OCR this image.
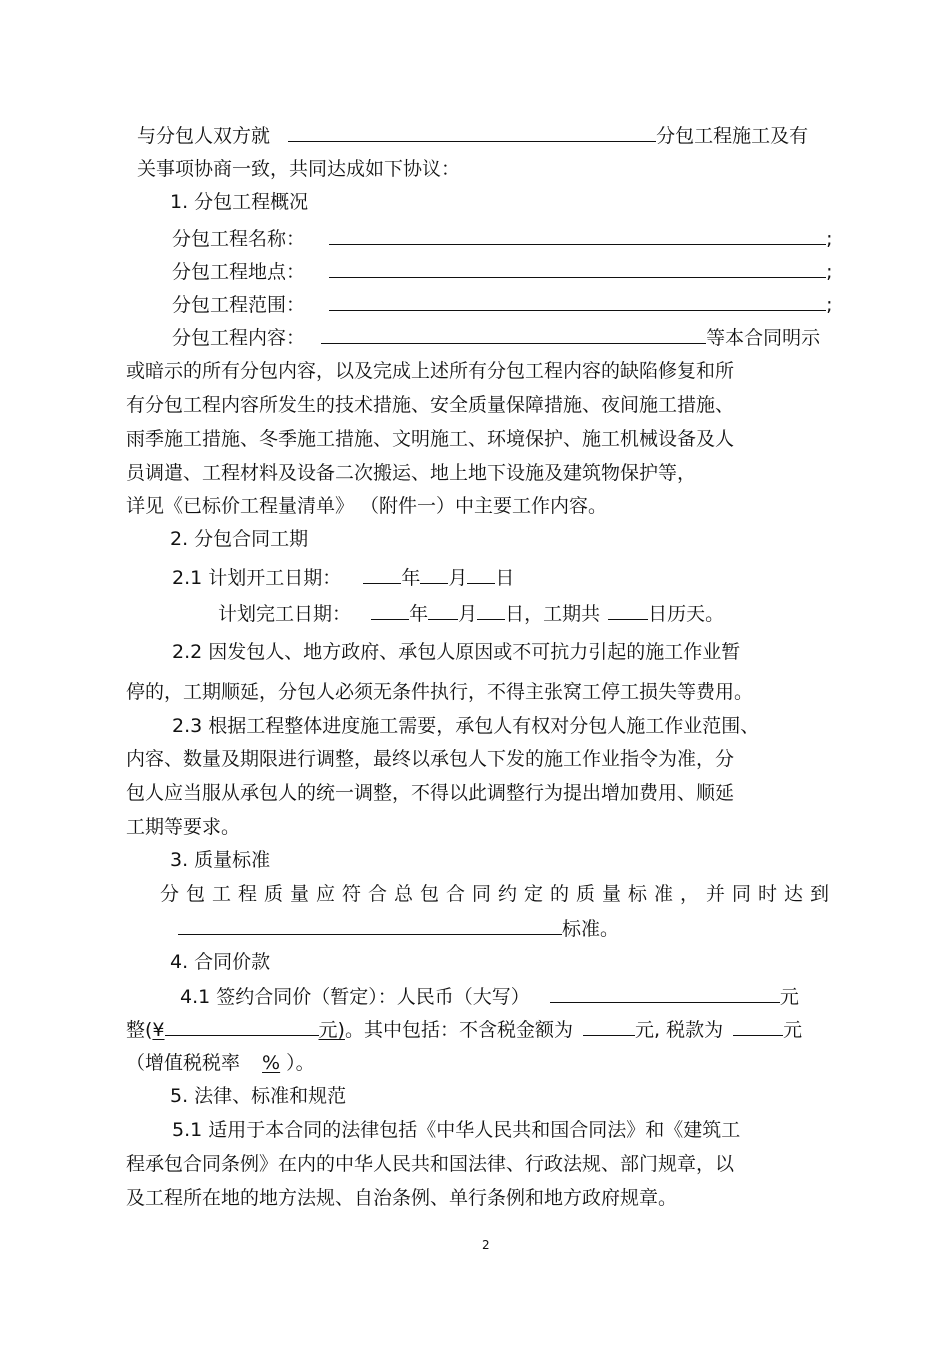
与分包人双方就	分包工程施工及有
关事项协商一致，共同达成如下协议：
1. 分包工程概况
分包工程名称：	;
分包工程地点：	;
分包工程范围：	;
分包工程内容：	等本合同明示
或暗示的所有分包内容，以及完成上述所有分包工程内容的缺陷修复和所
有分包工程内容所发生的技术措施、安全质量保障措施、夜间施工措施、
雨季施工措施、冬季施工措施、文明施工、环境保护、施工机械设备及人
员调遣、工程材料及设备二次搬运、地上地下设施及建筑物保护等，
详见《已标价工程量清单》 （附件一）中主要工作内容。
2. 分包合同工期
2.1 计划开工日期：	年 月 日
计划完工日期：	年 月 日，工期共	日历天。
2.2 因发包人、地方政府、承包人原因或不可抗力引起的施工作业暂
停的，工期顺延，分包人必须无条件执行，不得主张窝工停工损失等费用。
2.3 根据工程整体进度施工需要，承包人有权对分包人施工作业范围、
内容、数量及期限进行调整，最终以承包人下发的施工作业指令为准，分
包人应当服从承包人的统一调整，不得以此调整行为提出增加费用、顺延
工期等要求。
3. 质量标准
分包工程质量应符合总包合同约定的质量标准，并同时达到
标准。
4. 合同价款
4.1 签约合同价（暂定）：人民币（大写）	元
整(¥	元)。其中包括：不含税金额为	元, 税款为	元
（增值税税率 % ）。
5. 法律、标准和规范
5.1 适用于本合同的法律包括《中华人民共和国合同法》和《建筑工
程承包合同条例》在内的中华人民共和国法律、行政法规、部门规章，以
及工程所在地的地方法规、自治条例、单行条例和地方政府规章。
2
